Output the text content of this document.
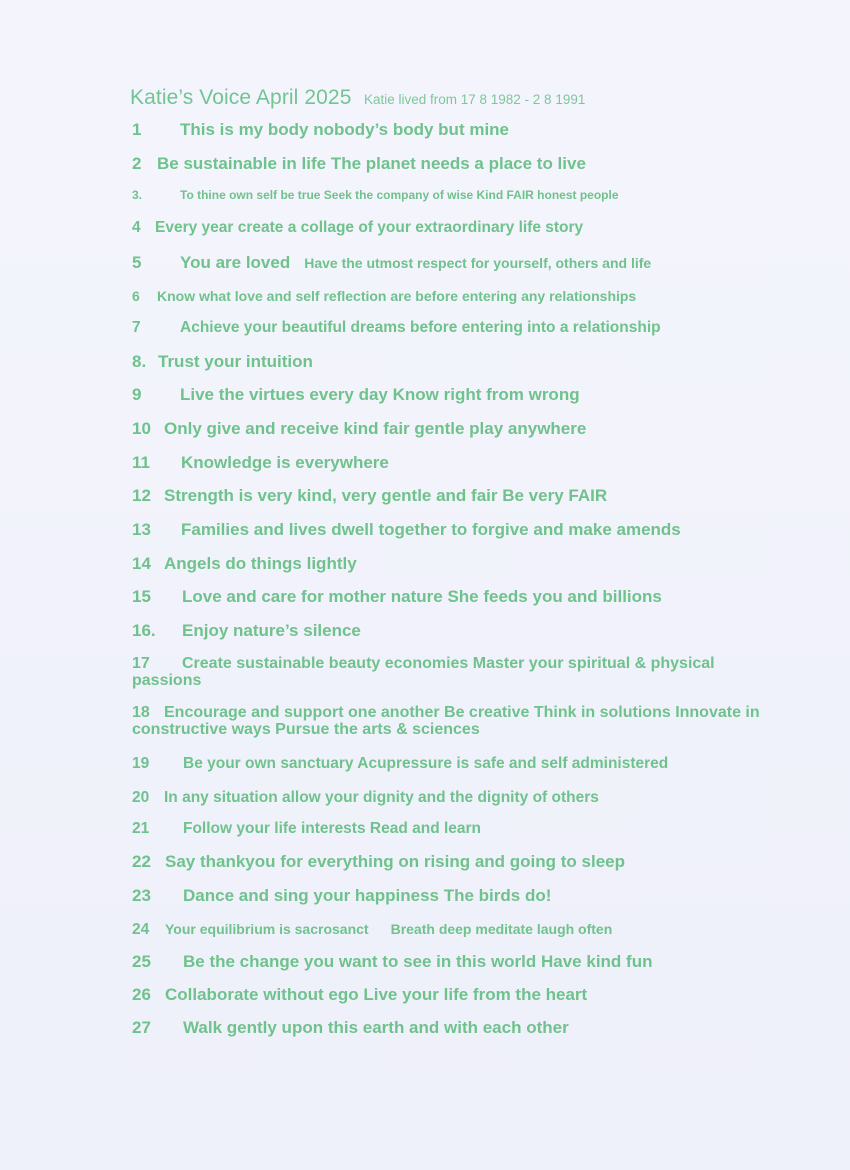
Katie’s Voice April 2025 Katie lived from 17 8 1982 - 2 8 1991
1 This is my body nobody’s body but mine
2 Be sustainable in life The planet needs a place to live
3.	To thine own self be true Seek the company of wise Kind FAIR honest people
4 Every year create a collage of your extraordinary life story
5 You are loved Have the utmost respect for yourself, others and life
6 Know what love and self reflection are before entering any relationships
7	Achieve your beautiful dreams before entering into a relationship
8. Trust your intuition
9 Live the virtues every day Know right from wrong
10 Only give and receive kind fair gentle play anywhere
11 Knowledge is everywhere
12 Strength is very kind, very gentle and fair Be very FAIR
13 Families and lives dwell together to forgive and make amends
14 Angels do things lightly
15 Love and care for mother nature She feeds you and billions
16. Enjoy nature’s silence
17 Create sustainable beauty economies Master your spiritual & physical passions
18 Encourage and support one another Be creative Think in solutions Innovate in constructive ways Pursue the arts & sciences
19 Be your own sanctuary Acupressure is safe and self administered
20 In any situation allow your dignity and the dignity of others
21 Follow your life interests Read and learn
22 Say thankyou for everything on rising and going to sleep
23 Dance and sing your happiness The birds do!
24 Your equilibrium is sacrosanct Breath deep meditate laugh often
25 Be the change you want to see in this world Have kind fun
26 Collaborate without ego Live your life from the heart
27 Walk gently upon this earth and with each other
